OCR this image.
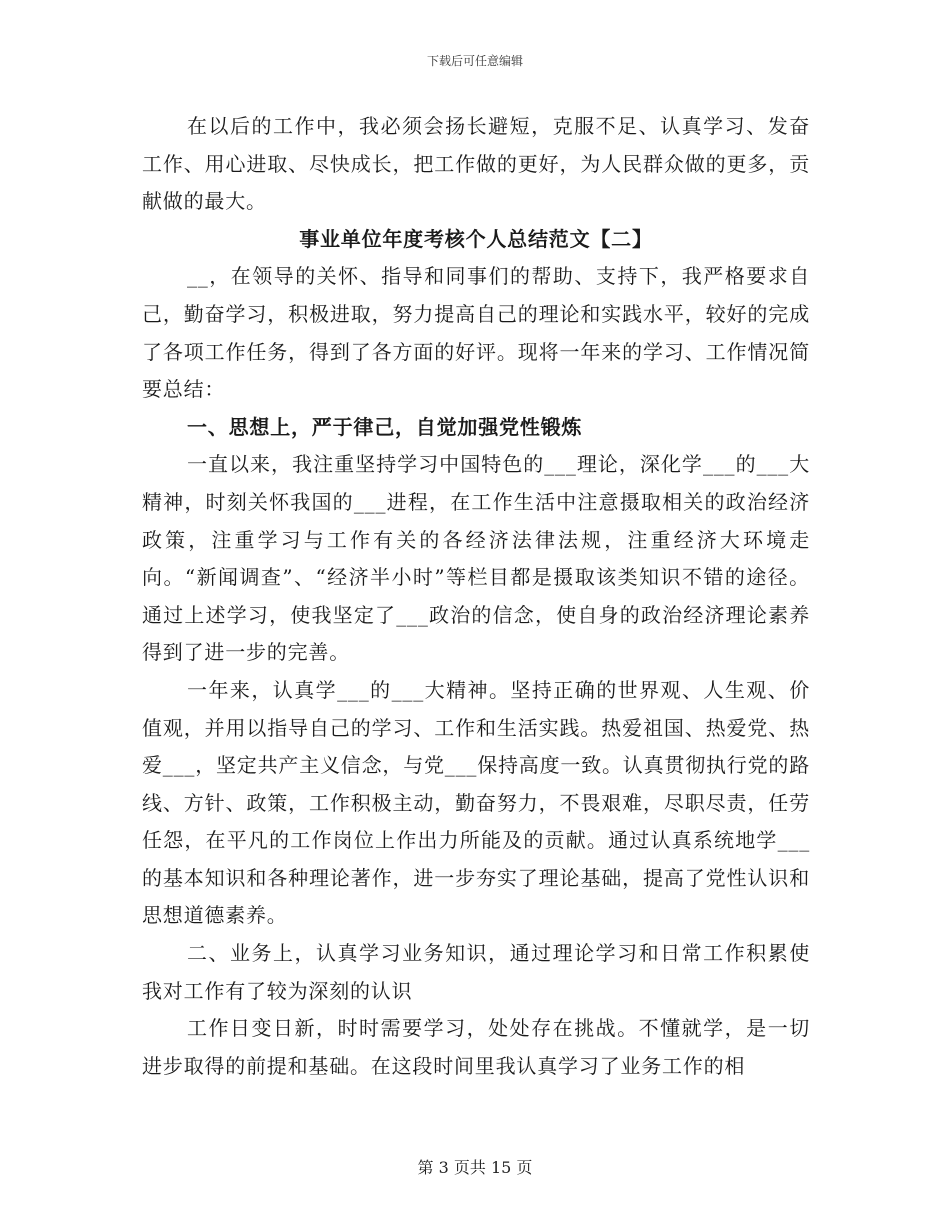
下载后可任意编辑

在以后的工作中，我必须会扬长避短，克服不足、认真学习、发奋工作、用心进取、尽快成长，把工作做的更好，为人民群众做的更多，贡献做的最大。

事业单位年度考核个人总结范文【二】

__，在领导的关怀、指导和同事们的帮助、支持下，我严格要求自己，勤奋学习，积极进取，努力提高自己的理论和实践水平，较好的完成了各项工作任务，得到了各方面的好评。现将一年来的学习、工作情况简要总结：

一、思想上，严于律己，自觉加强党性锻炼

一直以来，我注重坚持学习中国特色的___理论，深化学___的___大精神，时刻关怀我国的___进程，在工作生活中注意摄取相关的政治经济政策，注重学习与工作有关的各经济法律法规，注重经济大环境走向。“新闻调查”、“经济半小时”等栏目都是摄取该类知识不错的途径。通过上述学习，使我坚定了___政治的信念，使自身的政治经济理论素养得到了进一步的完善。

一年来，认真学___的___大精神。坚持正确的世界观、人生观、价值观，并用以指导自己的学习、工作和生活实践。热爱祖国、热爱党、热爱___，坚定共产主义信念，与党___保持高度一致。认真贯彻执行党的路线、方针、政策，工作积极主动，勤奋努力，不畏艰难，尽职尽责，任劳任怨，在平凡的工作岗位上作出力所能及的贡献。通过认真系统地学___的基本知识和各种理论著作，进一步夯实了理论基础，提高了党性认识和思想道德素养。

二、业务上，认真学习业务知识，通过理论学习和日常工作积累使我对工作有了较为深刻的认识

工作日变日新，时时需要学习，处处存在挑战。不懂就学，是一切进步取得的前提和基础。在这段时间里我认真学习了业务工作的相

第 3 页共 15 页
